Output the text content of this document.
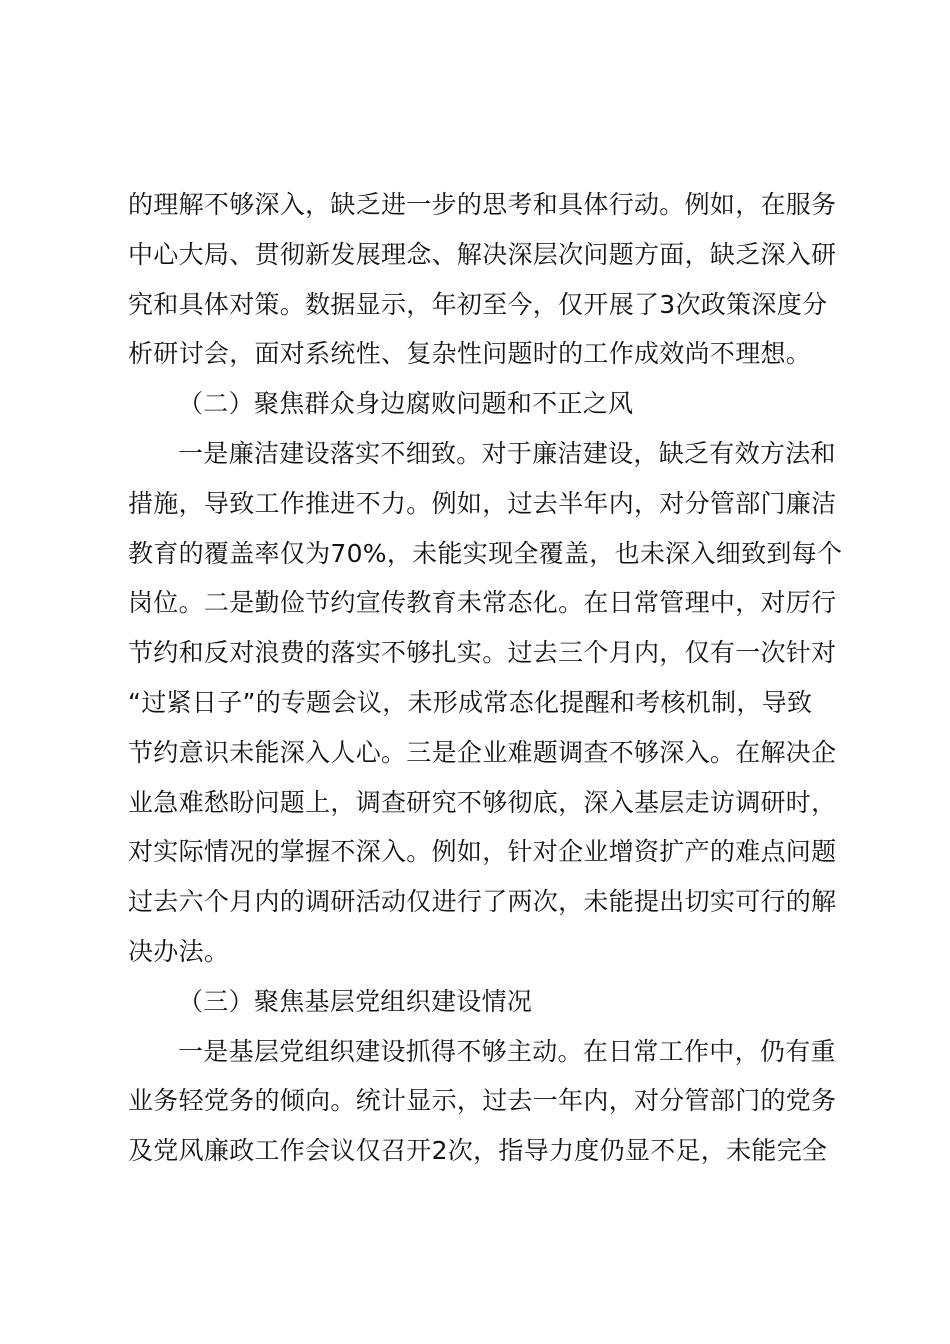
的理解不够深入，缺乏进一步的思考和具体行动。例如，在服务
中心大局、贯彻新发展理念、解决深层次问题方面，缺乏深入研
究和具体对策。数据显示，年初至今，仅开展了3次政策深度分
析研讨会，面对系统性、复杂性问题时的工作成效尚不理想。
（二）聚焦群众身边腐败问题和不正之风
一是廉洁建设落实不细致。对于廉洁建设，缺乏有效方法和
措施，导致工作推进不力。例如，过去半年内，对分管部门廉洁
教育的覆盖率仅为70%，未能实现全覆盖，也未深入细致到每个
岗位。二是勤俭节约宣传教育未常态化。在日常管理中，对厉行
节约和反对浪费的落实不够扎实。过去三个月内，仅有一次针对
“过紧日子”的专题会议，未形成常态化提醒和考核机制，导致
节约意识未能深入人心。三是企业难题调查不够深入。在解决企
业急难愁盼问题上，调查研究不够彻底，深入基层走访调研时，
对实际情况的掌握不深入。例如，针对企业增资扩产的难点问题
过去六个月内的调研活动仅进行了两次，未能提出切实可行的解
决办法。
（三）聚焦基层党组织建设情况
一是基层党组织建设抓得不够主动。在日常工作中，仍有重
业务轻党务的倾向。统计显示，过去一年内，对分管部门的党务
及党风廉政工作会议仅召开2次，指导力度仍显不足，未能完全
